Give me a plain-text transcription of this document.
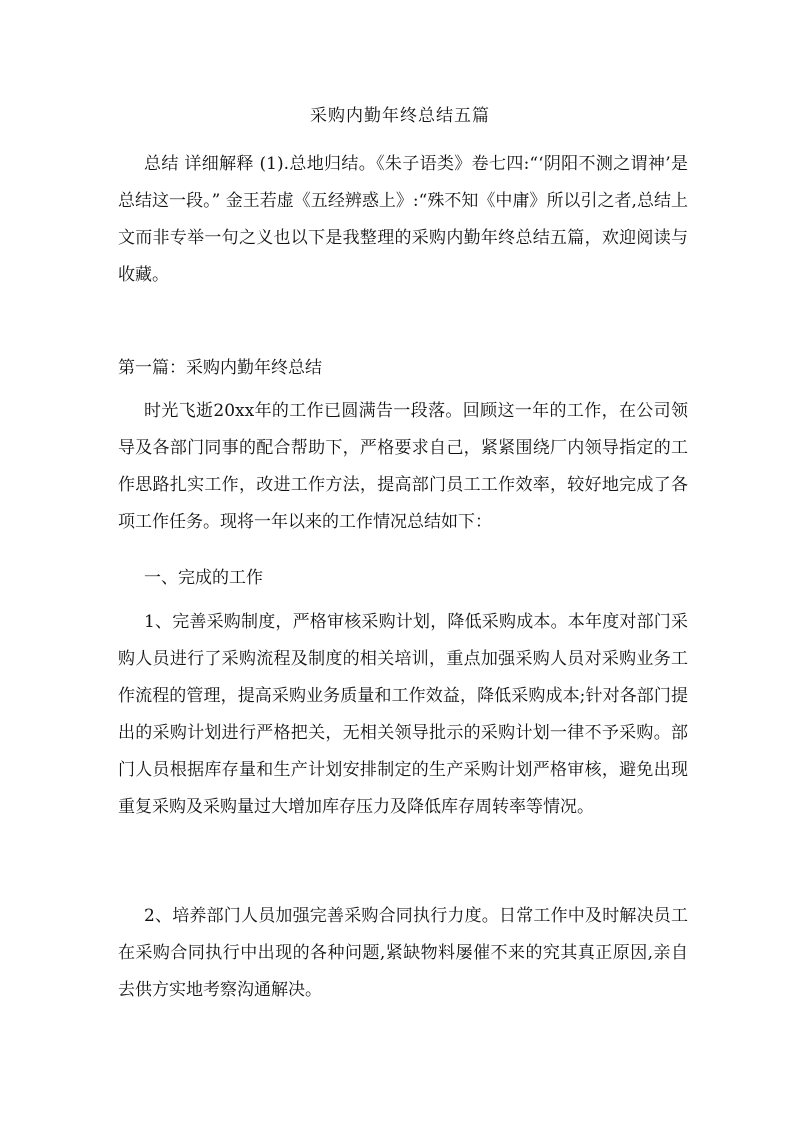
采购内勤年终总结五篇

总结 详细解释 (1).总地归结。《朱子语类》卷七四:“‘阴阳不测之谓神’是总结这一段。” 金王若虚《五经辨惑上》:“殊不知《中庸》所以引之者,总结上文而非专举一句之义也以下是我整理的采购内勤年终总结五篇，欢迎阅读与收藏。

第一篇：采购内勤年终总结

时光飞逝20xx年的工作已圆满告一段落。回顾这一年的工作，在公司领导及各部门同事的配合帮助下，严格要求自己，紧紧围绕厂内领导指定的工作思路扎实工作，改进工作方法，提高部门员工工作效率，较好地完成了各项工作任务。现将一年以来的工作情况总结如下：

一、完成的工作

1、完善采购制度，严格审核采购计划，降低采购成本。本年度对部门采购人员进行了采购流程及制度的相关培训，重点加强采购人员对采购业务工作流程的管理，提高采购业务质量和工作效益，降低采购成本;针对各部门提出的采购计划进行严格把关，无相关领导批示的采购计划一律不予采购。部门人员根据库存量和生产计划安排制定的生产采购计划严格审核，避免出现重复采购及采购量过大增加库存压力及降低库存周转率等情况。

2、培养部门人员加强完善采购合同执行力度。日常工作中及时解决员工在采购合同执行中出现的各种问题,紧缺物料屡催不来的究其真正原因,亲自去供方实地考察沟通解决。
